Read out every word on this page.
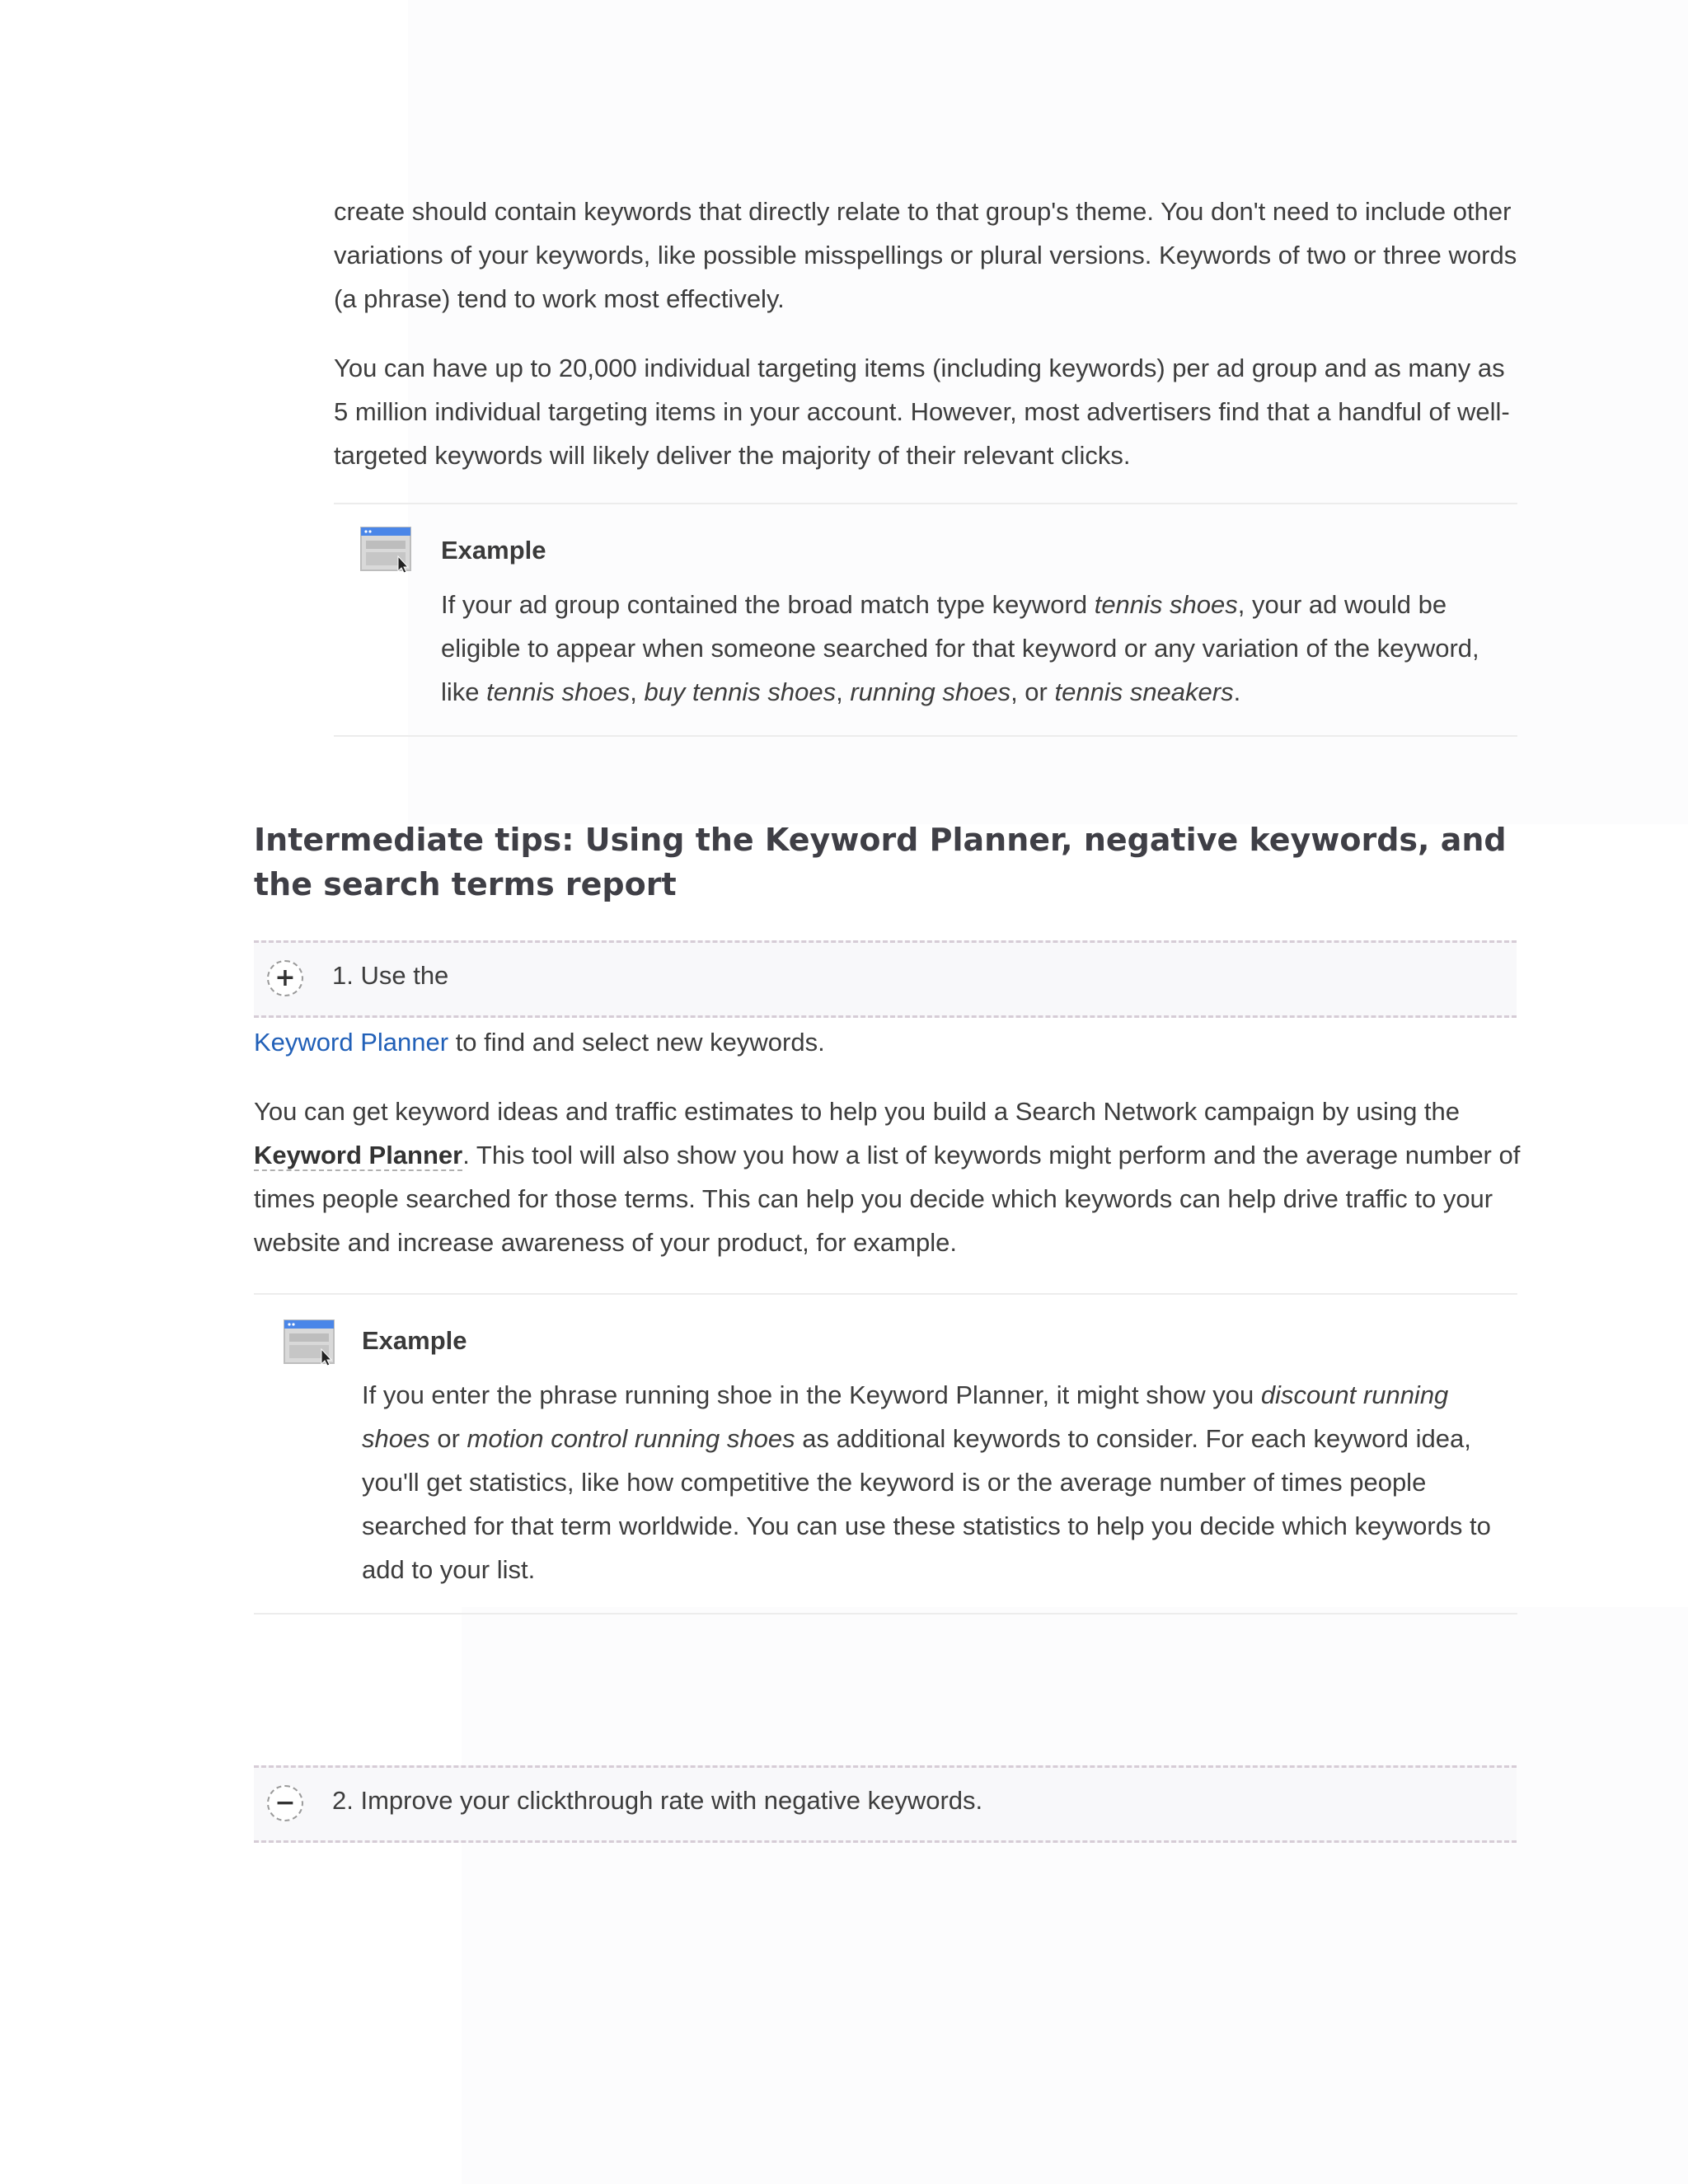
create should contain keywords that directly relate to that group's theme. You don't need to include other variations of your keywords, like possible misspellings or plural versions. Keywords of two or three words (a phrase) tend to work most effectively.

You can have up to 20,000 individual targeting items (including keywords) per ad group and as many as 5 million individual targeting items in your account. However, most advertisers find that a handful of well-targeted keywords will likely deliver the majority of their relevant clicks.

Example

If your ad group contained the broad match type keyword tennis shoes, your ad would be eligible to appear when someone searched for that keyword or any variation of the keyword, like tennis shoes, buy tennis shoes, running shoes, or tennis sneakers.

Intermediate tips: Using the Keyword Planner, negative keywords, and the search terms report
+	1. Use the

Keyword Planner to find and select new keywords.

You can get keyword ideas and traffic estimates to help you build a Search Network campaign by using the Keyword Planner. This tool will also show you how a list of keywords might perform and the average number of times people searched for those terms. This can help you decide which keywords can help drive traffic to your website and increase awareness of your product, for example.

Example

If you enter the phrase running shoe in the Keyword Planner, it might show you discount running shoes or motion control running shoes as additional keywords to consider. For each keyword idea, you'll get statistics, like how competitive the keyword is or the average number of times people searched for that term worldwide. You can use these statistics to help you decide which keywords to add to your list.

−	2. Improve your clickthrough rate with negative keywords.
